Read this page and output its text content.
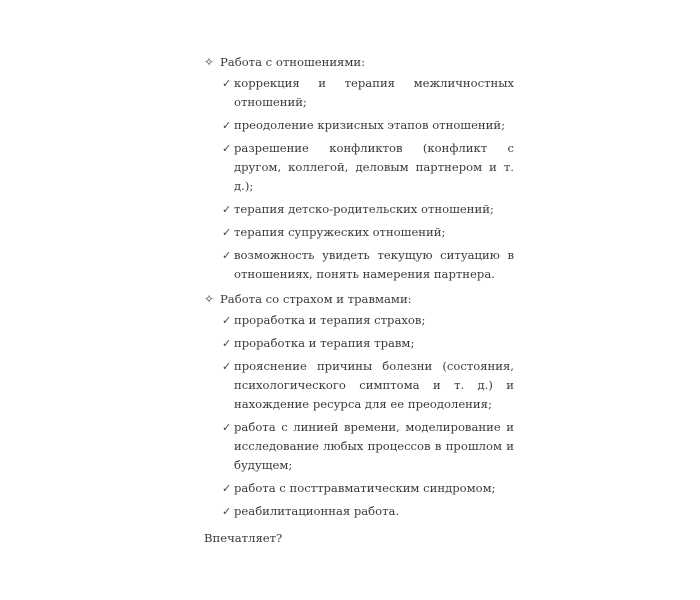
✧ Работа с отношениями:
✓ коррекция и терапия межличностных отношений;
✓ преодоление кризисных этапов отношений;
✓ разрешение конфликтов (конфликт с другом, коллегой, деловым партнером и т. д.);
✓ терапия детско-родительских отношений;
✓ терапия супружеских отношений;
✓ возможность увидеть текущую ситуацию в отношениях, понять намерения партнера.
✧ Работа со страхом и травмами:
✓ проработка и терапия страхов;
✓ проработка и терапия травм;
✓ прояснение причины болезни (состояния, психологического симптома и т. д.) и нахождение ресурса для ее преодоления;
✓ работа с линией времени, моделирование и исследование любых процессов в прошлом и будущем;
✓ работа с посттравматическим синдромом;
✓ реабилитационная работа.

Впечатляет?
